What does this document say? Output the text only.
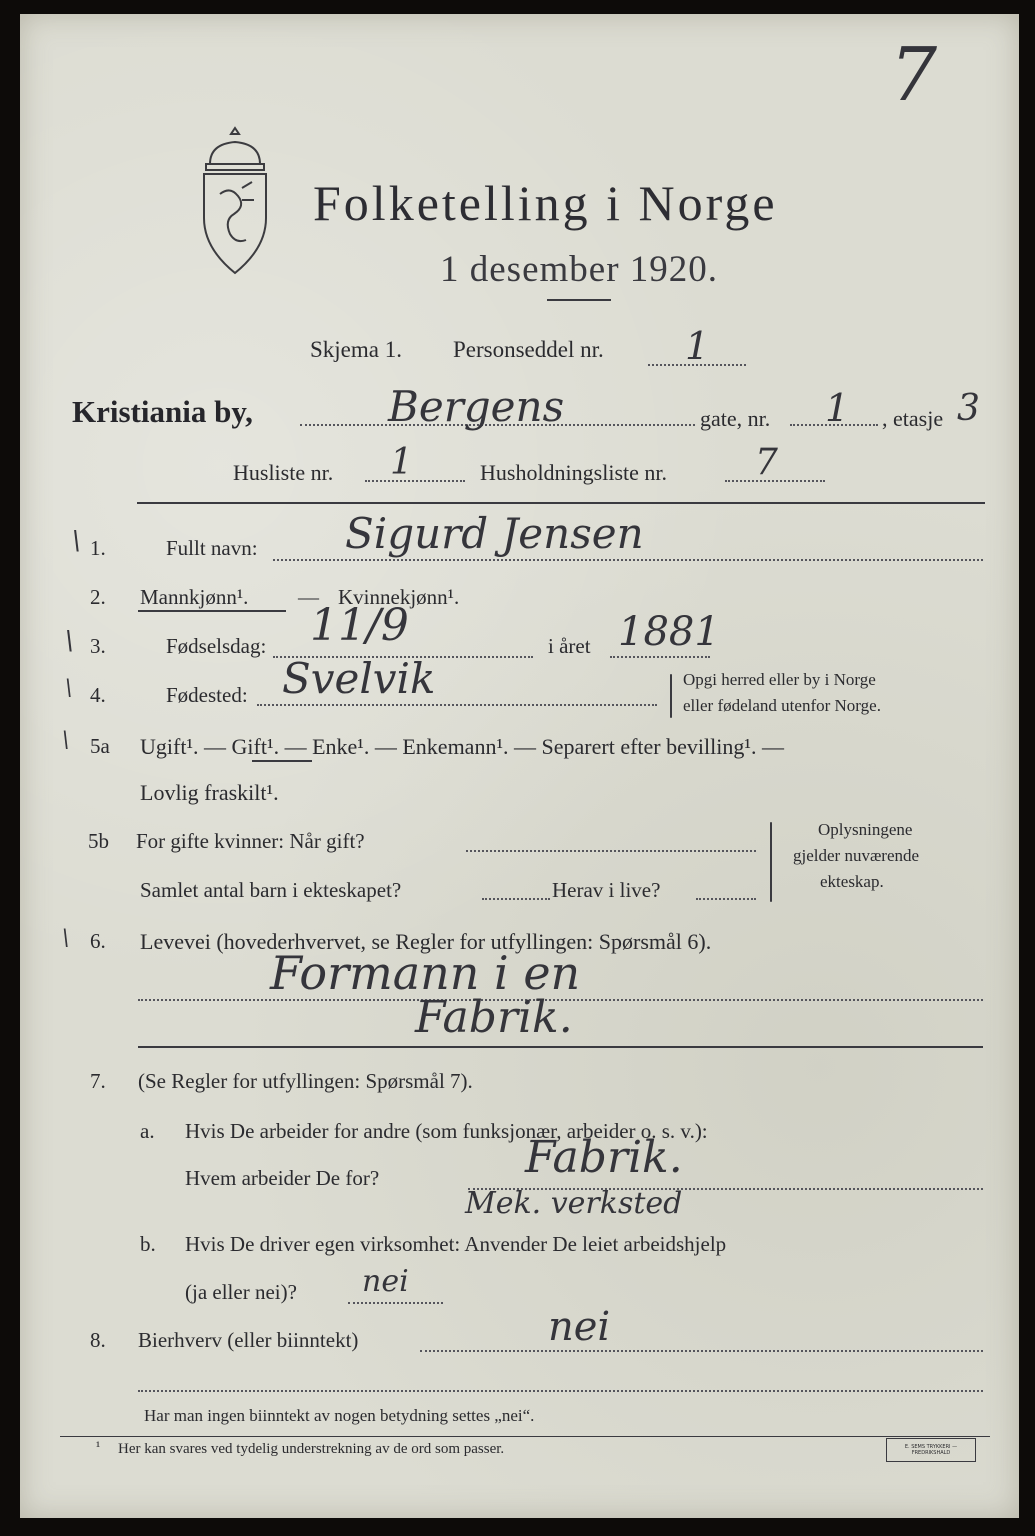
7
Folketelling i Norge
1 desember 1920.
Skjema 1. Personseddel nr. 1
Kristiania by,	Bergens	gate, nr. 1 , etasje 3
Husliste nr. 1	Husholdningsliste nr. 7
\ 1.	Fullt navn: Sigurd Jensen
2. Mannkjønn¹. — Kvinnekjønn¹.
\ 3.	Fødselsdag: 11/9	i året 1881
\ 4.	Fødested: Svelvik	Opgi herred eller by i Norge
eller fødeland utenfor Norge.
\ 5a Ugift¹. — Gift¹. — Enke¹. — Enkemann¹. — Separert efter bevilling¹. —
Lovlig fraskilt¹.
5b For gifte kvinner: Når gift?
Samlet antal barn i ekteskapet?	Herav i live?
Oplysningene
gjelder nuværende
ekteskap.
\ 6. Levevei (hovederhvervet, se Regler for utfyllingen: Spørsmål 6).
Formann i en
Fabrik.
7. (Se Regler for utfyllingen: Spørsmål 7).
a. Hvis De arbeider for andre (som funksjonær, arbeider o. s. v.):
Hvem arbeider De for?	Fabrik.
Mek. verksted
b. Hvis De driver egen virksomhet: Anvender De leiet arbeidshjelp
(ja eller nei)? nei
8. Bierhverv (eller biinntekt)	nei
Har man ingen biinntekt av nogen betydning settes „nei“.
¹ Her kan svares ved tydelig understrekning av de ord som passer.	E. SEMS TRYKKERI — FREDRIKSHALD
